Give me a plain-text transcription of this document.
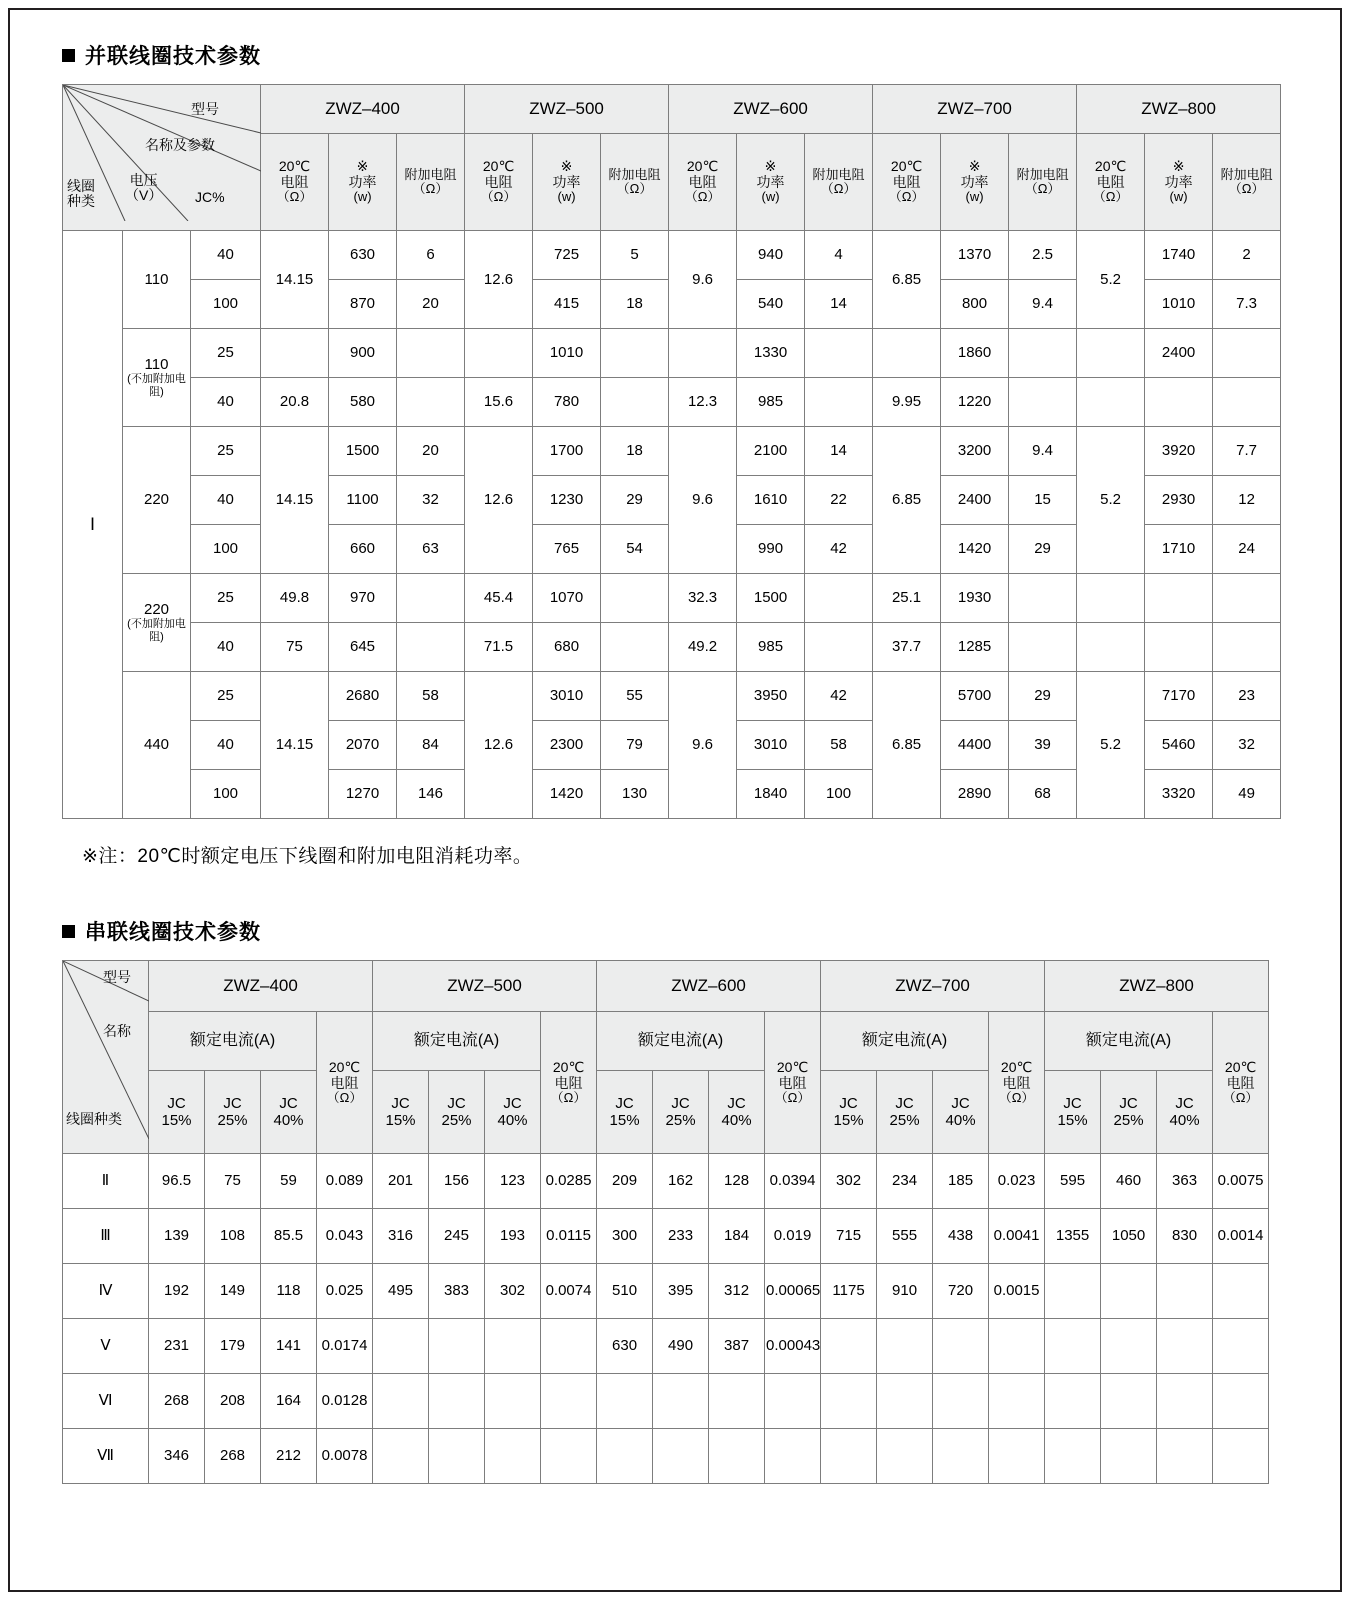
并联线圈技术参数
型号
名称及参数
线圈
种类
电压
（V） JC%
	ZWZ–400	ZWZ–500	ZWZ–600	ZWZ–700	ZWZ–800

20℃
电阻
（Ω）

※
功率
(w)

附加电阻
（Ω）

20℃
电阻
（Ω）

※
功率
(w)

附加电阻
（Ω）

20℃
电阻
（Ω）

※
功率
(w)

附加电阻
（Ω）

20℃
电阻
（Ω）

※
功率
(w)

附加电阻
（Ω）

20℃
电阻
（Ω）

※
功率
(w)

附加电阻
（Ω）

Ⅰ	110	40	14.15	630	6	12.6	725	5	9.6	940	4	6.85	1370	2.5	5.2	1740	2
		100		870	20		415	18		540	14		800	9.4		1010	7.3

	110
(不加附加电阻)	25		900			1010			1330			1860			2400	
		40	20.8	580		15.6	780		12.3	985		9.95	1220				
	220	25	14.15	1500	20	12.6	1700	18	9.6	2100	14	6.85	3200	9.4	5.2	3920	7.7
		40		1100	32		1230	29		1610	22		2400	15		2930	12
		100		660	63		765	54		990	42		1420	29		1710	24

	220
(不加附加电阻)	25	49.8	970		45.4	1070		32.3	1500		25.1	1930				
		40	75	645		71.5	680		49.2	985		37.7	1285				
	440	25	14.15	2680	58	12.6	3010	55	9.6	3950	42	6.85	5700	29	5.2	7170	23
		40		2070	84		2300	79		3010	58		4400	39		5460	32
		100		1270	146		1420	130		1840	100		2890	68		3320	49
※注：20℃时额定电压下线圈和附加电阻消耗功率。
串联线圈技术参数
型号
名称
线圈种类	ZWZ–400				ZWZ–500				ZWZ–600				ZWZ–700				ZWZ–800			
额定电流(A)	
20℃
电阻
（Ω）
	额定电流(A)	
20℃
电阻
（Ω）
	额定电流(A)	
20℃
电阻
（Ω）
	额定电流(A)	
20℃
电阻
（Ω）
	额定电流(A)	
20℃
电阻
（Ω）

JC
15%

JC
25%

JC
40%

JC
15%

JC
25%

JC
40%

JC
15%

JC
25%

JC
40%

JC
15%

JC
25%

JC
40%

JC
15%

JC
25%

JC
40%

Ⅱ	96.5	75	59	0.089	201	156	123	0.0285	209	162	128	0.0394	302	234	185	0.023	595	460	363	0.0075
Ⅲ	139	108	85.5	0.043	316	245	193	0.0115	300	233	184	0.019	715	555	438	0.0041	1355	1050	830	0.0014
Ⅳ	192	149	118	0.025	495	383	302	0.0074	510	395	312	0.00065	1175	910	720	0.0015				
Ⅴ	231	179	141	0.0174					630	490	387	0.00043								
Ⅵ	268	208	164	0.0128																
Ⅶ	346	268	212	0.0078																
